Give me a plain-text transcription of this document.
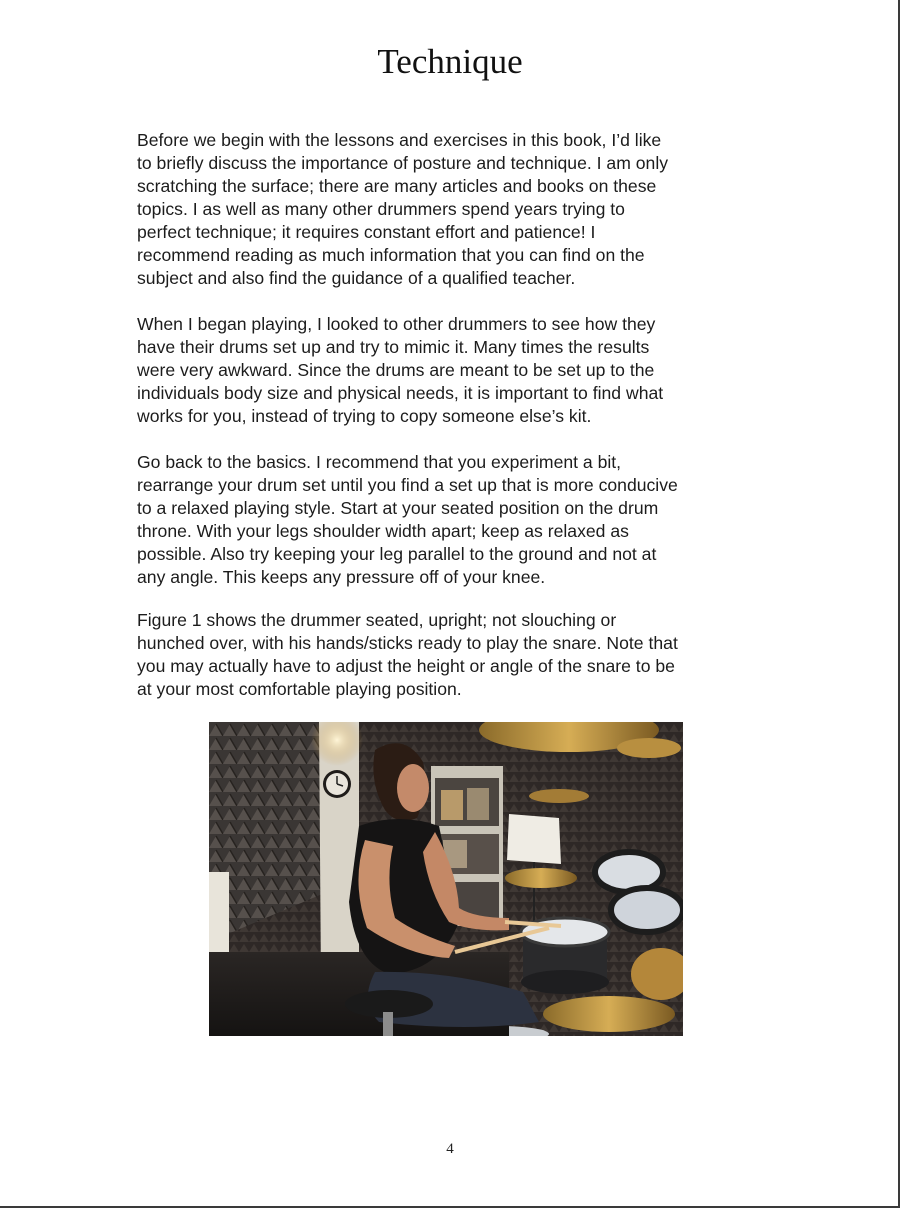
Technique

Before we begin with the lessons and exercises in this book, I’d like
to briefly discuss the importance of posture and technique. I am only
scratching the surface; there are many articles and books on these
topics. I as well as many other drummers spend years trying to
perfect technique; it requires constant effort and patience! I
recommend reading as much information that you can find on the
subject and also find the guidance of a qualified teacher.

When I began playing, I looked to other drummers to see how they
have their drums set up and try to mimic it. Many times the results
were very awkward. Since the drums are meant to be set up to the
individuals body size and physical needs, it is important to find what
works for you, instead of trying to copy someone else’s kit.

Go back to the basics. I recommend that you experiment a bit,
rearrange your drum set until you find a set up that is more conducive
to a relaxed playing style. Start at your seated position on the drum
throne. With your legs shoulder width apart; keep as relaxed as
possible. Also try keeping your leg parallel to the ground and not at
any angle. This keeps any pressure off of your knee.

Figure 1 shows the drummer seated, upright; not slouching or
hunched over, with his hands/sticks ready to play the snare. Note that
you may actually have to adjust the height or angle of the snare to be
at your most comfortable playing position.

4
